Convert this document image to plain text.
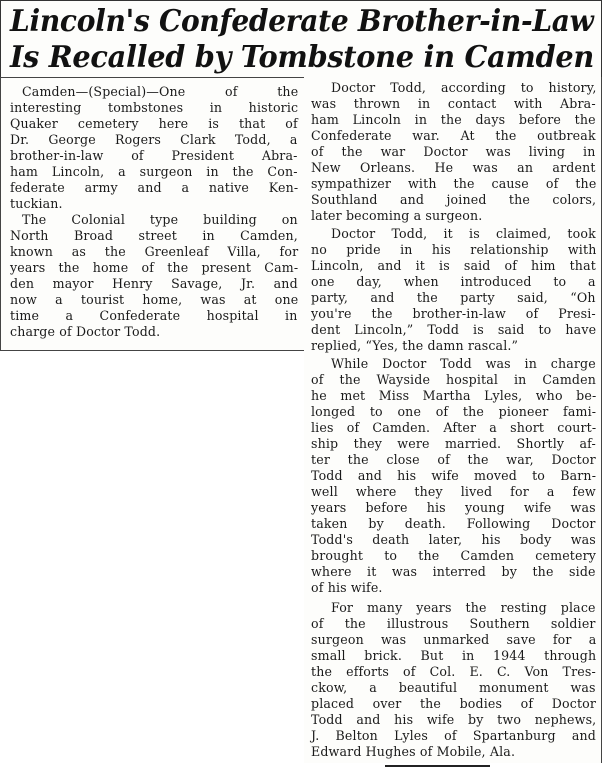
Lincoln's Confederate Brother-in-Law
Is Recalled by Tombstone in Camden
Camden—(Special)—One of the
interesting tombstones in historic
Quaker cemetery here is that of
Dr. George Rogers Clark Todd, a
brother-in-law of President Abra-
ham Lincoln, a surgeon in the Con-
federate army and a native Ken-
tuckian.
The Colonial type building on
North Broad street in Camden,
known as the Greenleaf Villa, for
years the home of the present Cam-
den mayor Henry Savage, Jr. and
now a tourist home, was at one
time a Confederate hospital in
charge of Doctor Todd.
Doctor Todd, according to history,
was thrown in contact with Abra-
ham Lincoln in the days before the
Confederate war. At the outbreak
of the war Doctor was living in
New Orleans. He was an ardent
sympathizer with the cause of the
Southland and joined the colors,
later becoming a surgeon.
Doctor Todd, it is claimed, took
no pride in his relationship with
Lincoln, and it is said of him that
one day, when introduced to a
party, and the party said, “Oh
you're the brother-in-law of Presi-
dent Lincoln,” Todd is said to have
replied, “Yes, the damn rascal.”
While Doctor Todd was in charge
of the Wayside hospital in Camden
he met Miss Martha Lyles, who be-
longed to one of the pioneer fami-
lies of Camden. After a short court-
ship they were married. Shortly af-
ter the close of the war, Doctor
Todd and his wife moved to Barn-
well where they lived for a few
years before his young wife was
taken by death. Following Doctor
Todd's death later, his body was
brought to the Camden cemetery
where it was interred by the side
of his wife.
For many years the resting place
of the illustrous Southern soldier
surgeon was unmarked save for a
small brick. But in 1944 through
the efforts of Col. E. C. Von Tres-
ckow, a beautiful monument was
placed over the bodies of Doctor
Todd and his wife by two nephews,
J. Belton Lyles of Spartanburg and
Edward Hughes of Mobile, Ala.
